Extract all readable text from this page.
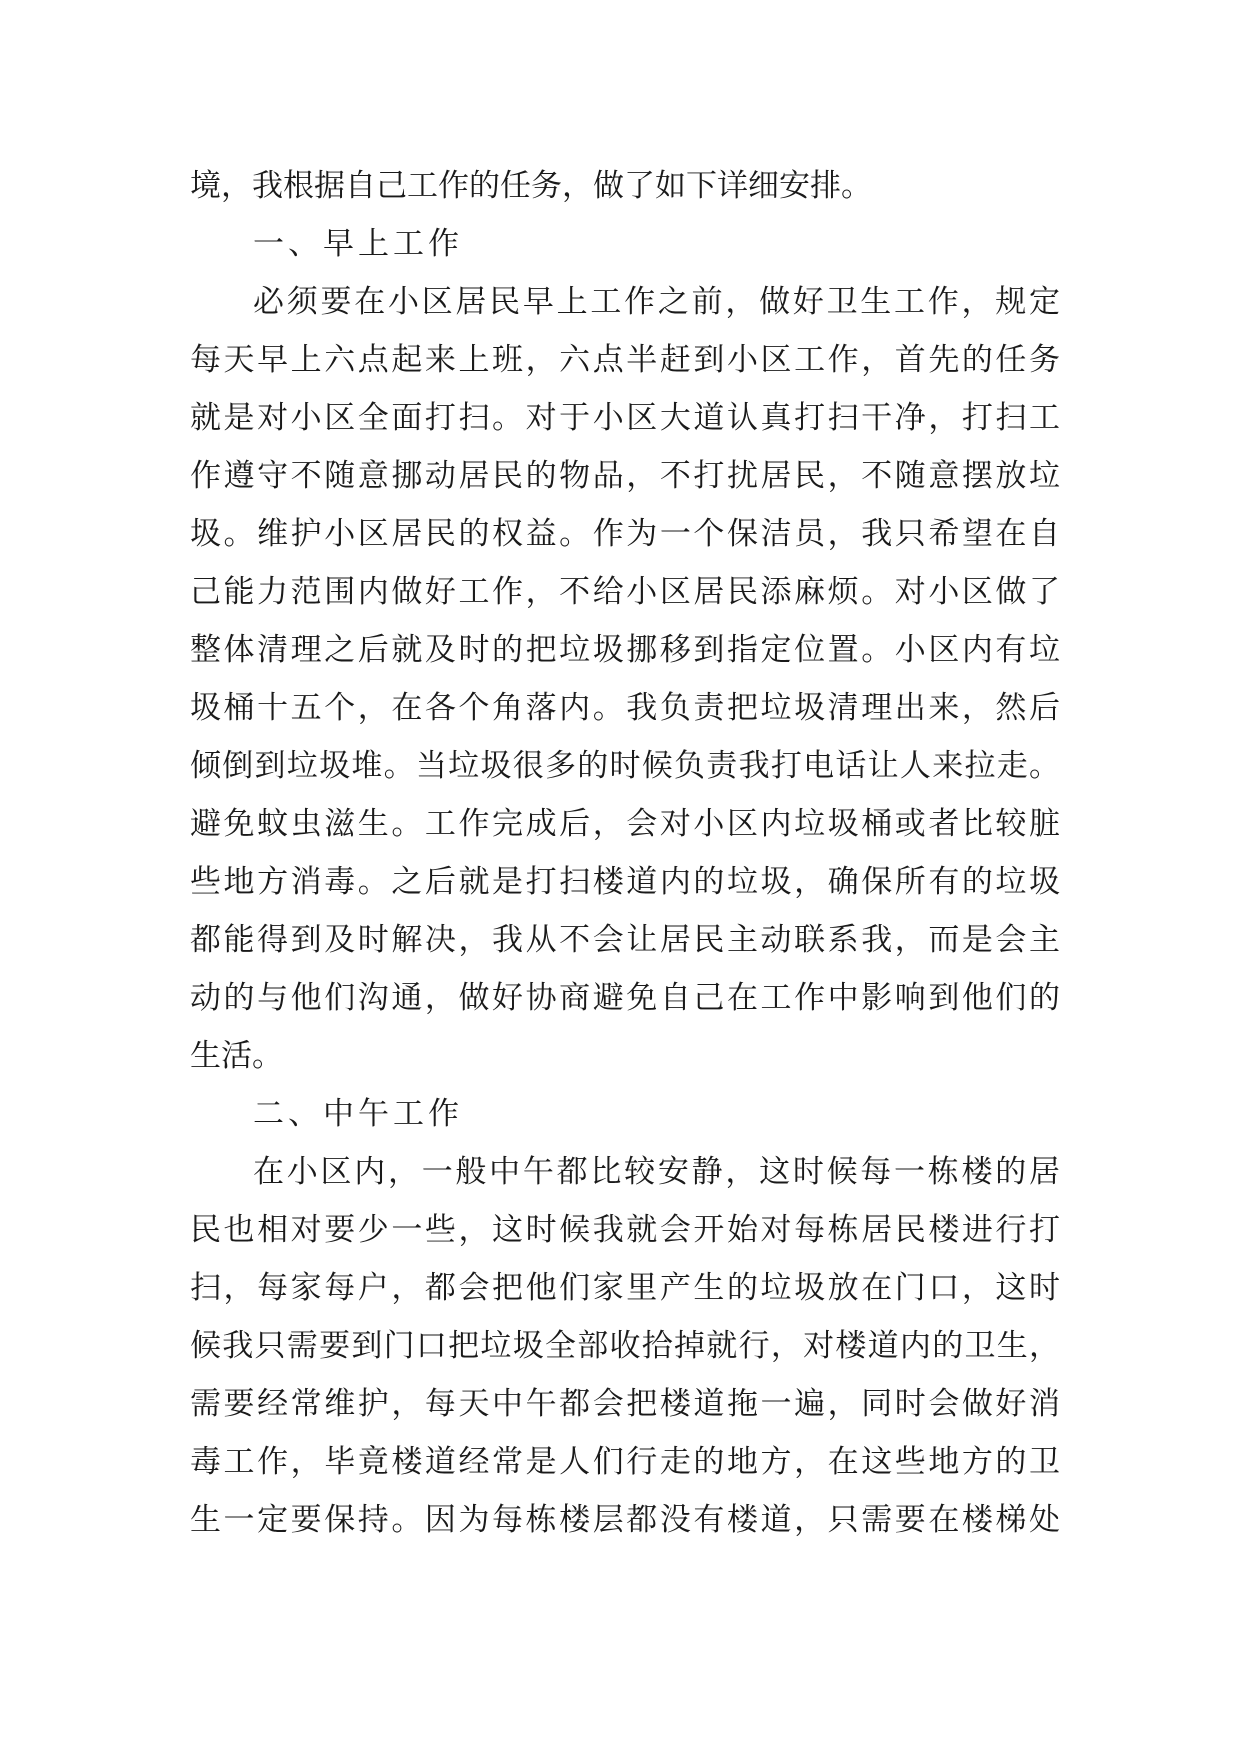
境，我根据自己工作的任务，做了如下详细安排。
一、早上工作
必须要在小区居民早上工作之前，做好卫生工作，规定
每天早上六点起来上班，六点半赶到小区工作，首先的任务
就是对小区全面打扫。对于小区大道认真打扫干净，打扫工
作遵守不随意挪动居民的物品，不打扰居民，不随意摆放垃
圾。维护小区居民的权益。作为一个保洁员，我只希望在自
己能力范围内做好工作，不给小区居民添麻烦。对小区做了
整体清理之后就及时的把垃圾挪移到指定位置。小区内有垃
圾桶十五个，在各个角落内。我负责把垃圾清理出来，然后
倾倒到垃圾堆。当垃圾很多的时候负责我打电话让人来拉走。
避免蚊虫滋生。工作完成后，会对小区内垃圾桶或者比较脏
些地方消毒。之后就是打扫楼道内的垃圾，确保所有的垃圾
都能得到及时解决，我从不会让居民主动联系我，而是会主
动的与他们沟通，做好协商避免自己在工作中影响到他们的
生活。
二、中午工作
在小区内，一般中午都比较安静，这时候每一栋楼的居
民也相对要少一些，这时候我就会开始对每栋居民楼进行打
扫，每家每户，都会把他们家里产生的垃圾放在门口，这时
候我只需要到门口把垃圾全部收拾掉就行，对楼道内的卫生，
需要经常维护，每天中午都会把楼道拖一遍，同时会做好消
毒工作，毕竟楼道经常是人们行走的地方，在这些地方的卫
生一定要保持。因为每栋楼层都没有楼道，只需要在楼梯处
